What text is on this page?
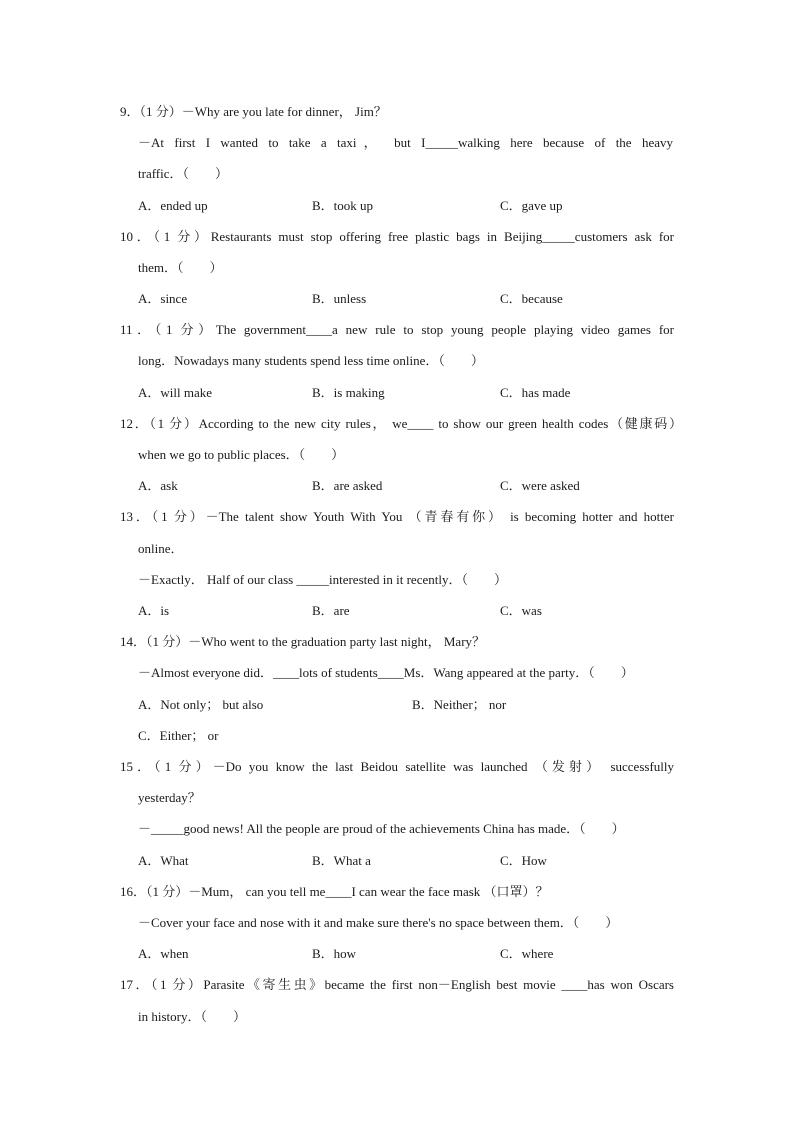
9．（1 分）－Why are you late for dinner， Jim？
－At first I wanted to take a taxi， but I_____walking here because of the heavy
traffic．（　　）
A．ended up	B．took up	C．gave up
10．（1 分）Restaurants must stop offering free plastic bags in Beijing_____customers ask for
them．（　　）
A．since	B．unless	C．because
11．（1 分）The government____a new rule to stop young people playing video games for
long．Nowadays many students spend less time online．（　　）
A．will make	B．is making	C．has made
12．（1 分）According to the new city rules， we____ to show our green health codes（健康码）
when we go to public places．（　　）
A．ask	B．are asked	C．were asked
13．（1 分）－The talent show Youth With You （青春有你） is becoming hotter and hotter
online．
－Exactly． Half of our class _____interested in it recently．（　　）
A．is	B．are	C．was
14．（1 分）－Who went to the graduation party last night， Mary？
－Almost everyone did．____lots of students____Ms．Wang appeared at the party．（　　）
A．Not only； but also	B．Neither； nor
C．Either； or
15．（1 分）－Do you know the last Beidou satellite was launched （发射） successfully
yesterday？
－_____good news! All the people are proud of the achievements China has made．（　　）
A．What	B．What a	C．How
16．（1 分）－Mum， can you tell me____I can wear the face mask （口罩）？
－Cover your face and nose with it and make sure there's no space between them．（　　）
A．when	B．how	C．where
17．（1 分）Parasite《寄生虫》became the first non－English best movie ____has won Oscars
in history．（　　）
